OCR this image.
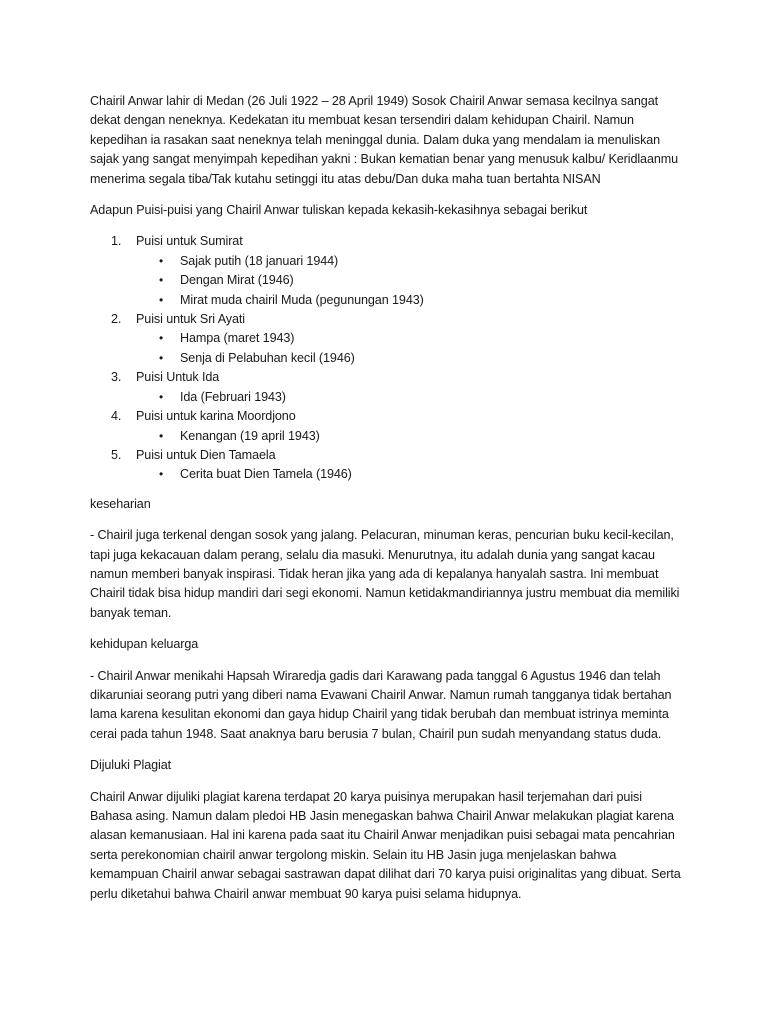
Chairil Anwar lahir di Medan (26 Juli 1922 – 28 April 1949) Sosok Chairil Anwar semasa kecilnya sangat dekat dengan neneknya. Kedekatan itu membuat kesan tersendiri dalam kehidupan Chairil. Namun kepedihan ia rasakan saat neneknya telah meninggal dunia. Dalam duka yang mendalam ia menuliskan sajak yang sangat menyimpah kepedihan yakni : Bukan kematian benar yang menusuk kalbu/ Keridlaanmu menerima segala tiba/Tak kutahu setinggi itu atas debu/Dan duka maha tuan bertahta NISAN

Adapun Puisi-puisi yang Chairil Anwar tuliskan kepada kekasih-kekasihnya sebagai berikut

1. Puisi untuk Sumirat
• Sajak putih (18 januari 1944)
• Dengan Mirat (1946)
• Mirat muda chairil Muda (pegunungan 1943)
2. Puisi untuk Sri Ayati
• Hampa (maret 1943)
• Senja di Pelabuhan kecil (1946)
3. Puisi Untuk Ida
• Ida (Februari 1943)
4. Puisi untuk karina Moordjono
• Kenangan (19 april 1943)
5. Puisi untuk Dien Tamaela
• Cerita buat Dien Tamela (1946)
keseharian

- Chairil juga terkenal dengan sosok yang jalang. Pelacuran, minuman keras, pencurian buku kecil-kecilan, tapi juga kekacauan dalam perang, selalu dia masuki. Menurutnya, itu adalah dunia yang sangat kacau namun memberi banyak inspirasi. Tidak heran jika yang ada di kepalanya hanyalah sastra. Ini membuat Chairil tidak bisa hidup mandiri dari segi ekonomi. Namun ketidakmandiriannya justru membuat dia memiliki banyak teman.

kehidupan keluarga

- Chairil Anwar menikahi Hapsah Wiraredja gadis dari Karawang pada tanggal 6 Agustus 1946 dan telah dikaruniai seorang putri yang diberi nama Evawani Chairil Anwar. Namun rumah tangganya tidak bertahan lama karena kesulitan ekonomi dan gaya hidup Chairil yang tidak berubah dan membuat istrinya meminta cerai pada tahun 1948. Saat anaknya baru berusia 7 bulan, Chairil pun sudah menyandang status duda.

Dijuluki Plagiat

Chairil Anwar dijuliki plagiat karena terdapat 20 karya puisinya merupakan hasil terjemahan dari puisi Bahasa asing. Namun dalam pledoi HB Jasin menegaskan bahwa Chairil Anwar melakukan plagiat karena alasan kemanusiaan. Hal ini karena pada saat itu Chairil Anwar menjadikan puisi sebagai mata pencahrian serta perekonomian chairil anwar tergolong miskin. Selain itu HB Jasin juga menjelaskan bahwa kemampuan Chairil anwar sebagai sastrawan dapat dilihat dari 70 karya puisi originalitas yang dibuat. Serta perlu diketahui bahwa Chairil anwar membuat 90 karya puisi selama hidupnya.
